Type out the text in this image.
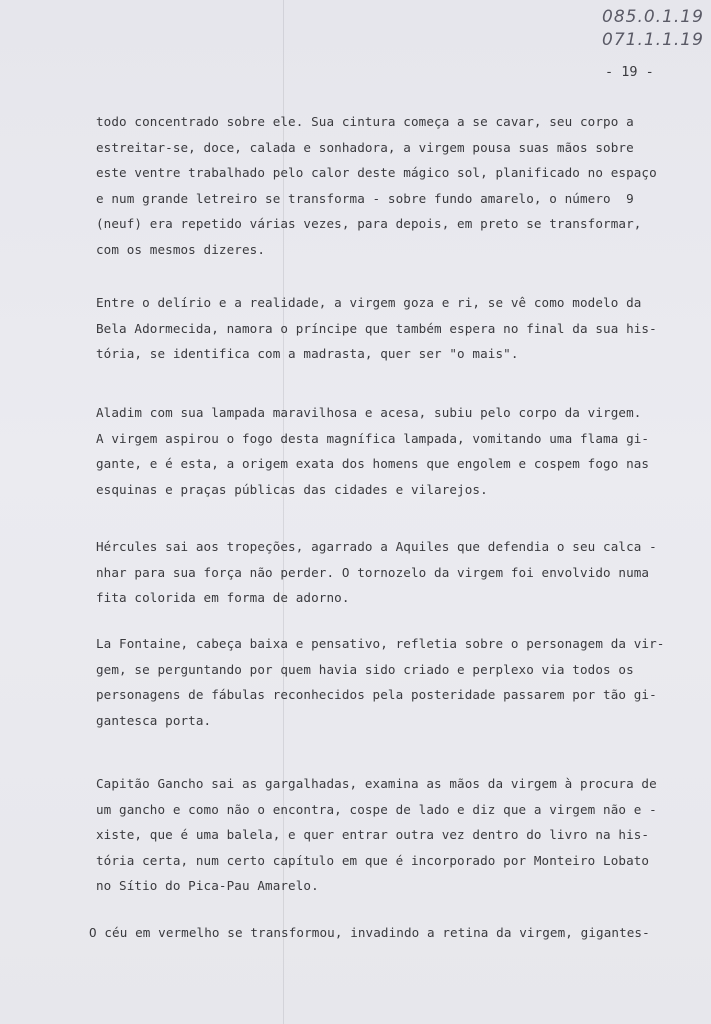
085.0.1.19
071.1.1.19
- 19 -
todo concentrado sobre ele. Sua cintura começa a se cavar, seu corpo a
estreitar-se, doce, calada e sonhadora, a virgem pousa suas mãos sobre
este ventre trabalhado pelo calor deste mágico sol, planificado no espaço
e num grande letreiro se transforma - sobre fundo amarelo, o número  9
(neuf) era repetido várias vezes, para depois, em preto se transformar,
com os mesmos dizeres.
Entre o delírio e a realidade, a virgem goza e ri, se vê como modelo da
Bela Adormecida, namora o príncipe que também espera no final da sua his-
tória, se identifica com a madrasta, quer ser "o mais".
Aladim com sua lampada maravilhosa e acesa, subiu pelo corpo da virgem.
A virgem aspirou o fogo desta magnífica lampada, vomitando uma flama gi-
gante, e é esta, a origem exata dos homens que engolem e cospem fogo nas
esquinas e praças públicas das cidades e vilarejos.
Hércules sai aos tropeções, agarrado a Aquiles que defendia o seu calca -
nhar para sua força não perder. O tornozelo da virgem foi envolvido numa
fita colorida em forma de adorno.
La Fontaine, cabeça baixa e pensativo, refletia sobre o personagem da vir-
gem, se perguntando por quem havia sido criado e perplexo via todos os
personagens de fábulas reconhecidos pela posteridade passarem por tão gi-
gantesca porta.
Capitão Gancho sai as gargalhadas, examina as mãos da virgem à procura de
um gancho e como não o encontra, cospe de lado e diz que a virgem não e -
xiste, que é uma balela, e quer entrar outra vez dentro do livro na his-
tória certa, num certo capítulo em que é incorporado por Monteiro Lobato
no Sítio do Pica-Pau Amarelo.
O céu em vermelho se transformou, invadindo a retina da virgem, gigantes-
